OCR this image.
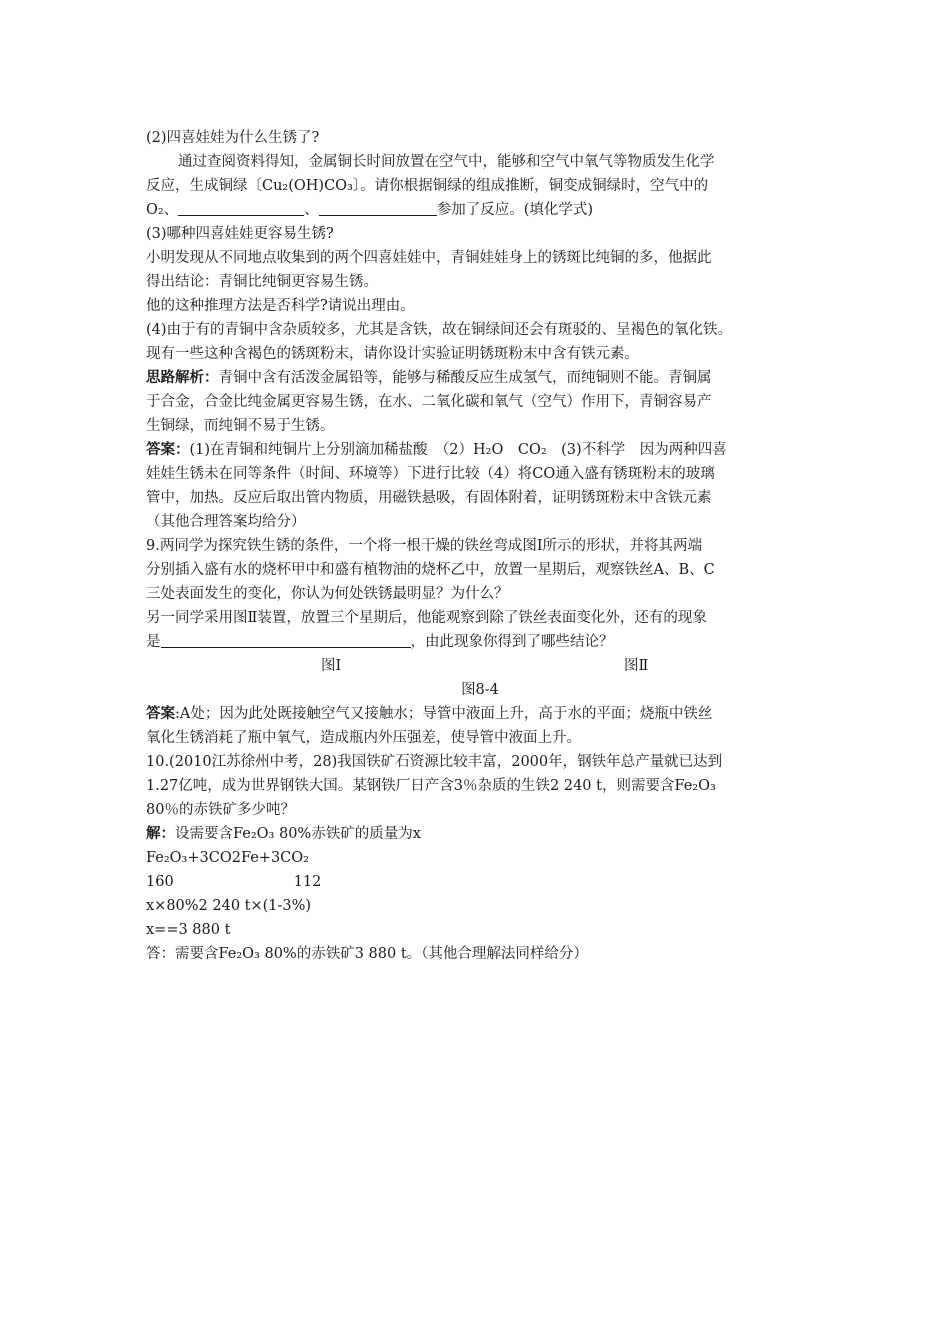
(2)四喜娃娃为什么生锈了?

通过查阅资料得知，金属铜长时间放置在空气中，能够和空气中氧气等物质发生化学

反应，生成铜绿〔Cu₂(OH)CO₃〕。请你根据铜绿的组成推断，铜变成铜绿时，空气中的

O₂、	、	参加了反应。(填化学式)

(3)哪种四喜娃娃更容易生锈?

小明发现从不同地点收集到的两个四喜娃娃中，青铜娃娃身上的锈斑比纯铜的多，他据此

得出结论：青铜比纯铜更容易生锈。

他的这种推理方法是否科学?请说出理由。

(4)由于有的青铜中含杂质较多，尤其是含铁，故在铜绿间还会有斑驳的、呈褐色的氧化铁。

现有一些这种含褐色的锈斑粉末，请你设计实验证明锈斑粉末中含有铁元素。

思路解析：青铜中含有活泼金属铅等，能够与稀酸反应生成氢气，而纯铜则不能。青铜属

于合金，合金比纯金属更容易生锈，在水、二氧化碳和氧气（空气）作用下，青铜容易产

生铜绿，而纯铜不易于生锈。

答案：(1)在青铜和纯铜片上分别滴加稀盐酸　（2）H₂O　CO₂　(3)不科学　因为两种四喜

娃娃生锈未在同等条件（时间、环境等）下进行比较（4）将CO通入盛有锈斑粉末的玻璃

管中，加热。反应后取出管内物质，用磁铁悬吸，有固体附着，证明锈斑粉末中含铁元素

（其他合理答案均给分）

9.两同学为探究铁生锈的条件，一个将一根干燥的铁丝弯成图Ⅰ所示的形状，并将其两端

分别插入盛有水的烧杯甲中和盛有植物油的烧杯乙中，放置一星期后，观察铁丝A、B、C

三处表面发生的变化，你认为何处铁锈最明显？为什么？

另一同学采用图Ⅱ装置，放置三个星期后，他能观察到除了铁丝表面变化外，还有的现象

是	，由此现象你得到了哪些结论？

图Ⅰ	图Ⅱ

图8-4

答案:A处；因为此处既接触空气又接触水；导管中液面上升，高于水的平面；烧瓶中铁丝

氧化生锈消耗了瓶中氧气，造成瓶内外压强差，使导管中液面上升。

10.(2010江苏徐州中考，28)我国铁矿石资源比较丰富，2000年，钢铁年总产量就已达到

1.27亿吨，成为世界钢铁大国。某钢铁厂日产含3％杂质的生铁2 240 t，则需要含Fe₂O₃

80％的赤铁矿多少吨？

解：设需要含Fe₂O₃ 80%赤铁矿的质量为x

Fe₂O₃+3CO2Fe+3CO₂

160	112

x×80%2 240 t×(1-3%)

x==3 880 t

答：需要含Fe₂O₃ 80%的赤铁矿3 880 t。（其他合理解法同样给分）
